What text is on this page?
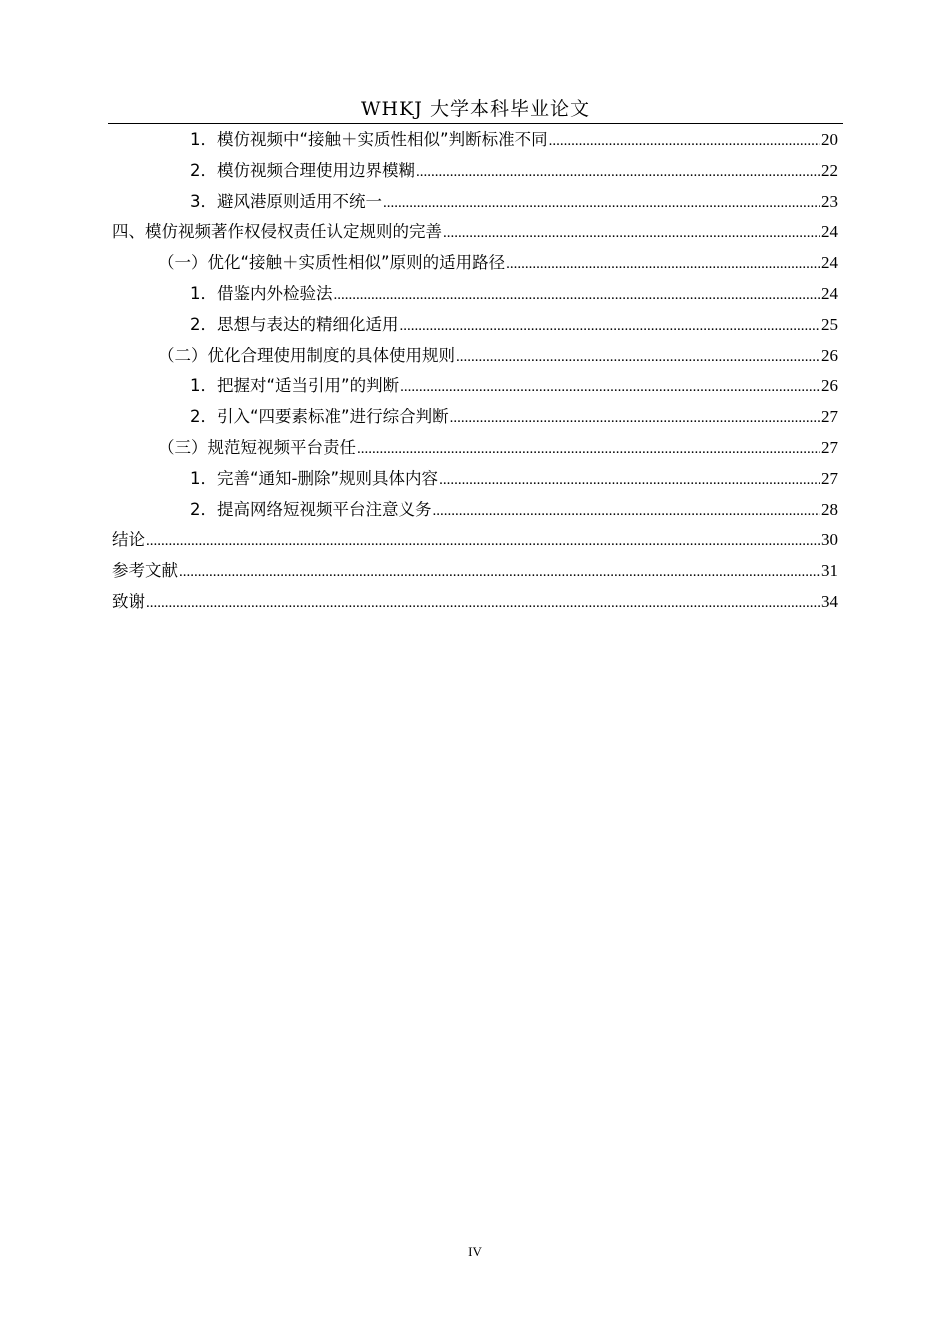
WHKJ 大学本科毕业论文
1．模仿视频中“接触＋实质性相似”判断标准不同 .....	20
2．模仿视频合理使用边界模糊 .....	22
3．避风港原则适用不统一 .....	23
四、模仿视频著作权侵权责任认定规则的完善 .....	24
（一）优化“接触＋实质性相似”原则的适用路径 .....	24
1．借鉴内外检验法 .....	24
2．思想与表达的精细化适用 .....	25
（二）优化合理使用制度的具体使用规则 .....	26
1．把握对“适当引用”的判断 .....	26
2．引入“四要素标准”进行综合判断 .....	27
（三）规范短视频平台责任 .....	27
1．完善“通知-删除”规则具体内容 .....	27
2．提高网络短视频平台注意义务 .....	28
结论 .....	30
参考文献 .....	31
致谢 .....	34
IV
